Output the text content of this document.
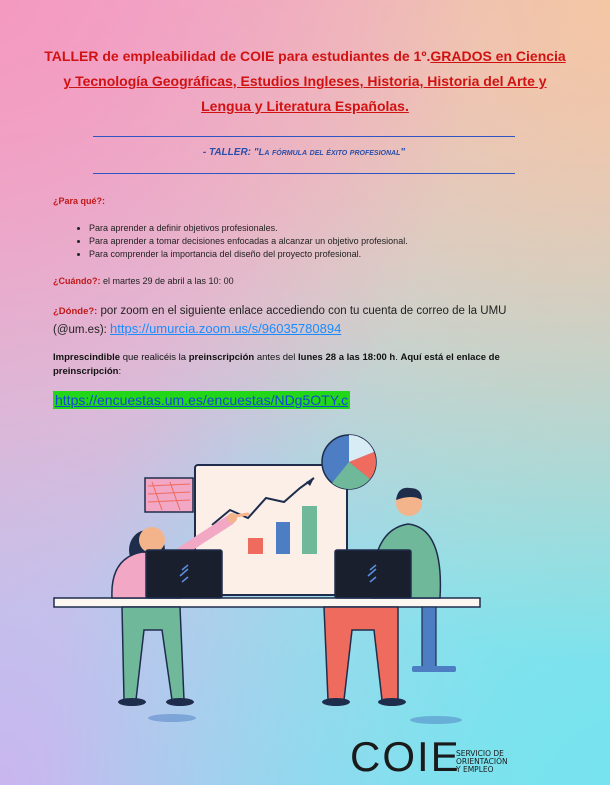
TALLER de empleabilidad de COIE para estudiantes de 1º.GRADOS en Ciencia y Tecnología Geográficas, Estudios Ingleses, Historia, Historia del Arte y Lengua y Literatura Españolas.
- TALLER: "La fórmula del éxito profesional"
¿Para qué?:
• Para aprender a definir objetivos profesionales.
• Para aprender a tomar decisiones enfocadas a alcanzar un objetivo profesional.
• Para comprender la importancia del diseño del proyecto profesional.
¿Cuándo?: el martes 29 de abril a las 10: 00
¿Dónde?: por zoom en el siguiente enlace accediendo con tu cuenta de correo de la UMU (@um.es): https://umurcia.zoom.us/s/96035780894
Imprescindible que realicéis la preinscripción antes del lunes 28 a las 18:00 h. Aquí está el enlace de preinscripción:
https://encuestas.um.es/encuestas/NDg5OTY.c
COIE
SERVICIO DE
ORIENTACIÓN
Y EMPLEO
